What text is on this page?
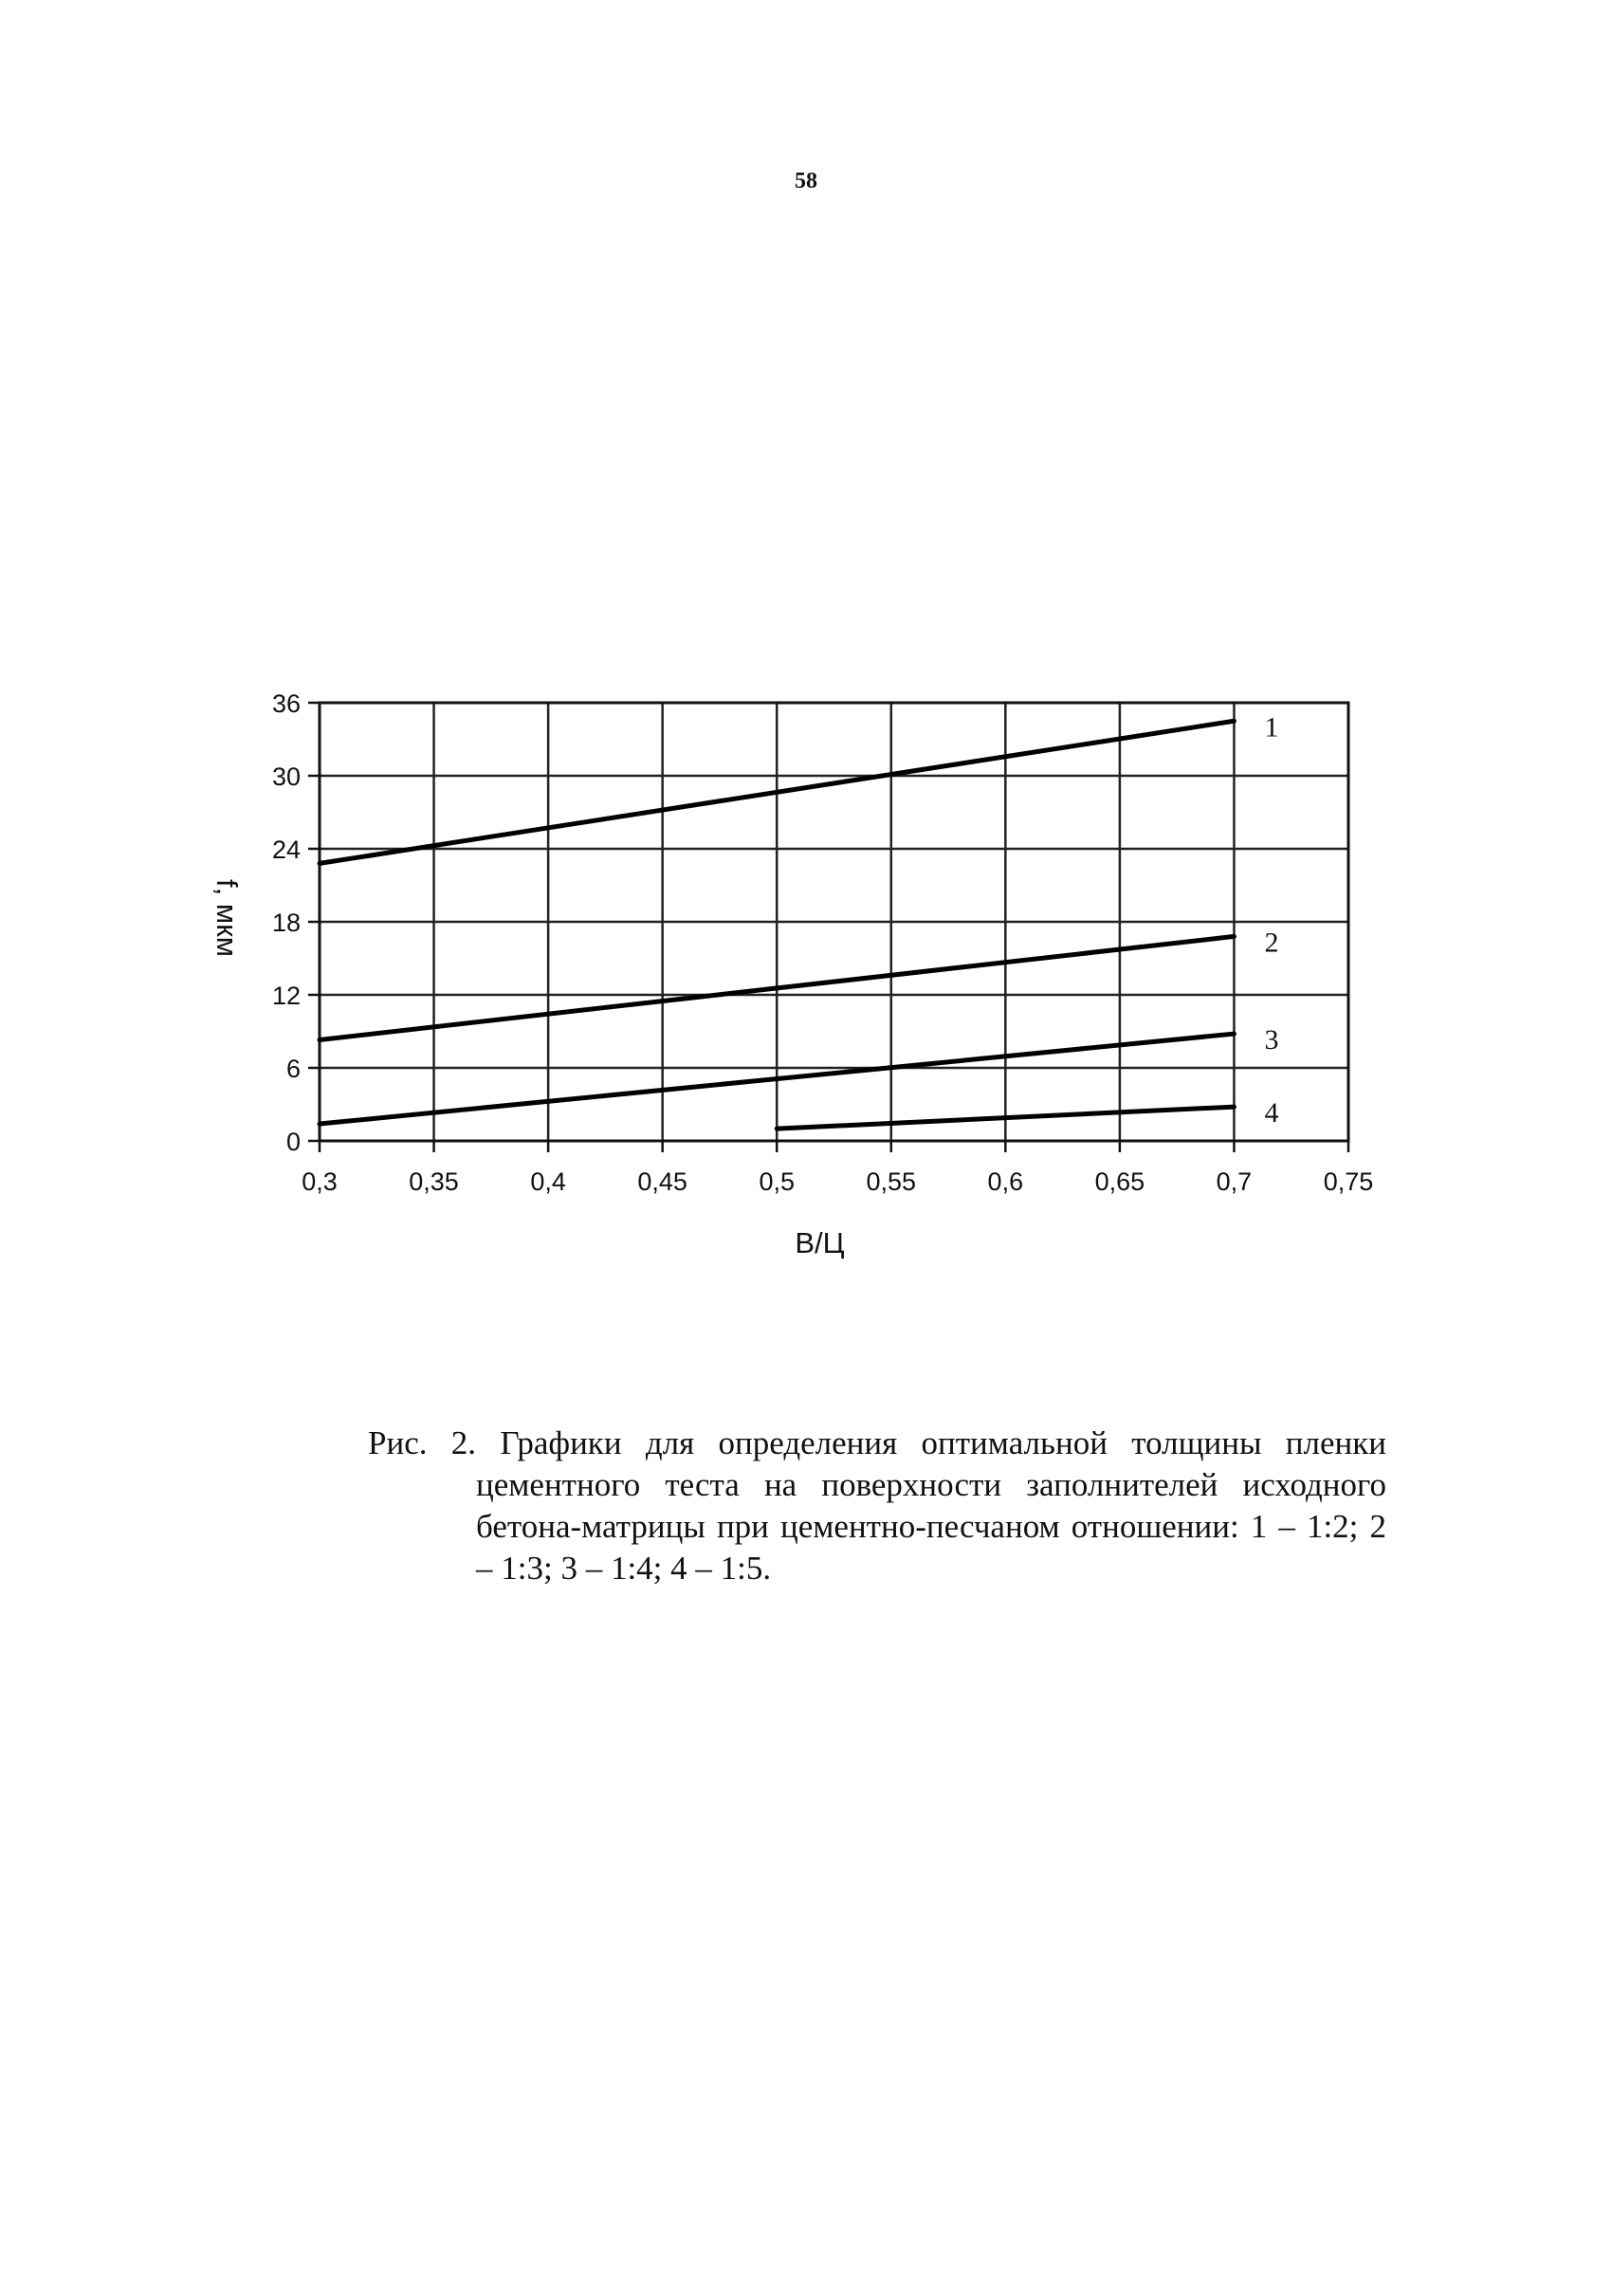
58
1
2
3
4
0
6
12
18
24
30
36
0,3	0,35	0,4	0,45	0,5	0,55	0,6	0,65	0,7	0,75
В/Ц
f, мкм
Рис. 2. Графики для определения оптимальной толщины пленки цементного теста на поверхности заполнителей исходного бетона-матрицы при цементно-песчаном отношении: 1 – 1:2; 2 – 1:3; 3 – 1:4; 4 – 1:5.
